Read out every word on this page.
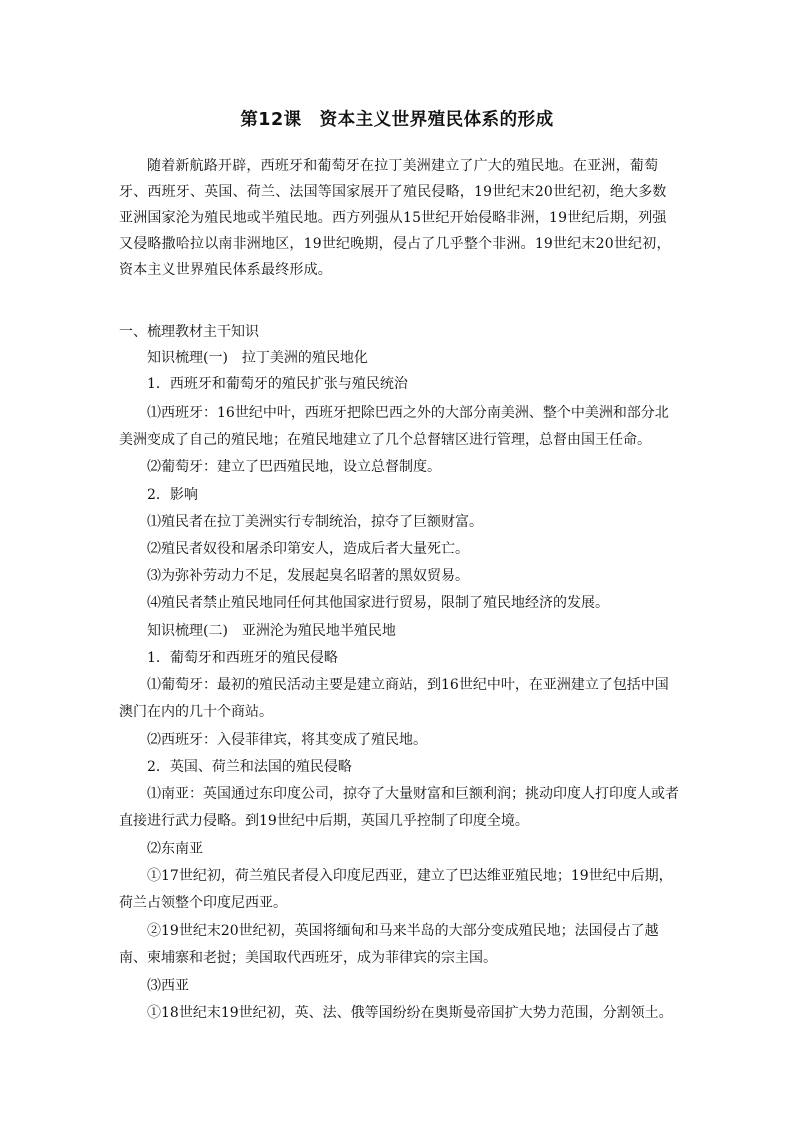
第12课　资本主义世界殖民体系的形成
随着新航路开辟，西班牙和葡萄牙在拉丁美洲建立了广大的殖民地。在亚洲，葡萄牙、西班牙、英国、荷兰、法国等国家展开了殖民侵略，19世纪末20世纪初，绝大多数亚洲国家沦为殖民地或半殖民地。西方列强从15世纪开始侵略非洲，19世纪后期，列强又侵略撒哈拉以南非洲地区，19世纪晚期，侵占了几乎整个非洲。19世纪末20世纪初，资本主义世界殖民体系最终形成。
一、梳理教材主干知识
知识梳理(一)　拉丁美洲的殖民地化
1．西班牙和葡萄牙的殖民扩张与殖民统治
⑴西班牙：16世纪中叶，西班牙把除巴西之外的大部分南美洲、整个中美洲和部分北美洲变成了自己的殖民地；在殖民地建立了几个总督辖区进行管理，总督由国王任命。
⑵葡萄牙：建立了巴西殖民地，设立总督制度。
2．影响
⑴殖民者在拉丁美洲实行专制统治，掠夺了巨额财富。
⑵殖民者奴役和屠杀印第安人，造成后者大量死亡。
⑶为弥补劳动力不足，发展起臭名昭著的黑奴贸易。
⑷殖民者禁止殖民地同任何其他国家进行贸易，限制了殖民地经济的发展。
知识梳理(二)　亚洲沦为殖民地半殖民地
1．葡萄牙和西班牙的殖民侵略
⑴葡萄牙：最初的殖民活动主要是建立商站，到16世纪中叶，在亚洲建立了包括中国澳门在内的几十个商站。
⑵西班牙：入侵菲律宾，将其变成了殖民地。
2．英国、荷兰和法国的殖民侵略
⑴南亚：英国通过东印度公司，掠夺了大量财富和巨额利润；挑动印度人打印度人或者直接进行武力侵略。到19世纪中后期，英国几乎控制了印度全境。
⑵东南亚
①17世纪初，荷兰殖民者侵入印度尼西亚，建立了巴达维亚殖民地；19世纪中后期，荷兰占领整个印度尼西亚。
②19世纪末20世纪初，英国将缅甸和马来半岛的大部分变成殖民地；法国侵占了越南、柬埔寨和老挝；美国取代西班牙，成为菲律宾的宗主国。
⑶西亚
①18世纪末19世纪初，英、法、俄等国纷纷在奥斯曼帝国扩大势力范围，分割领土。
